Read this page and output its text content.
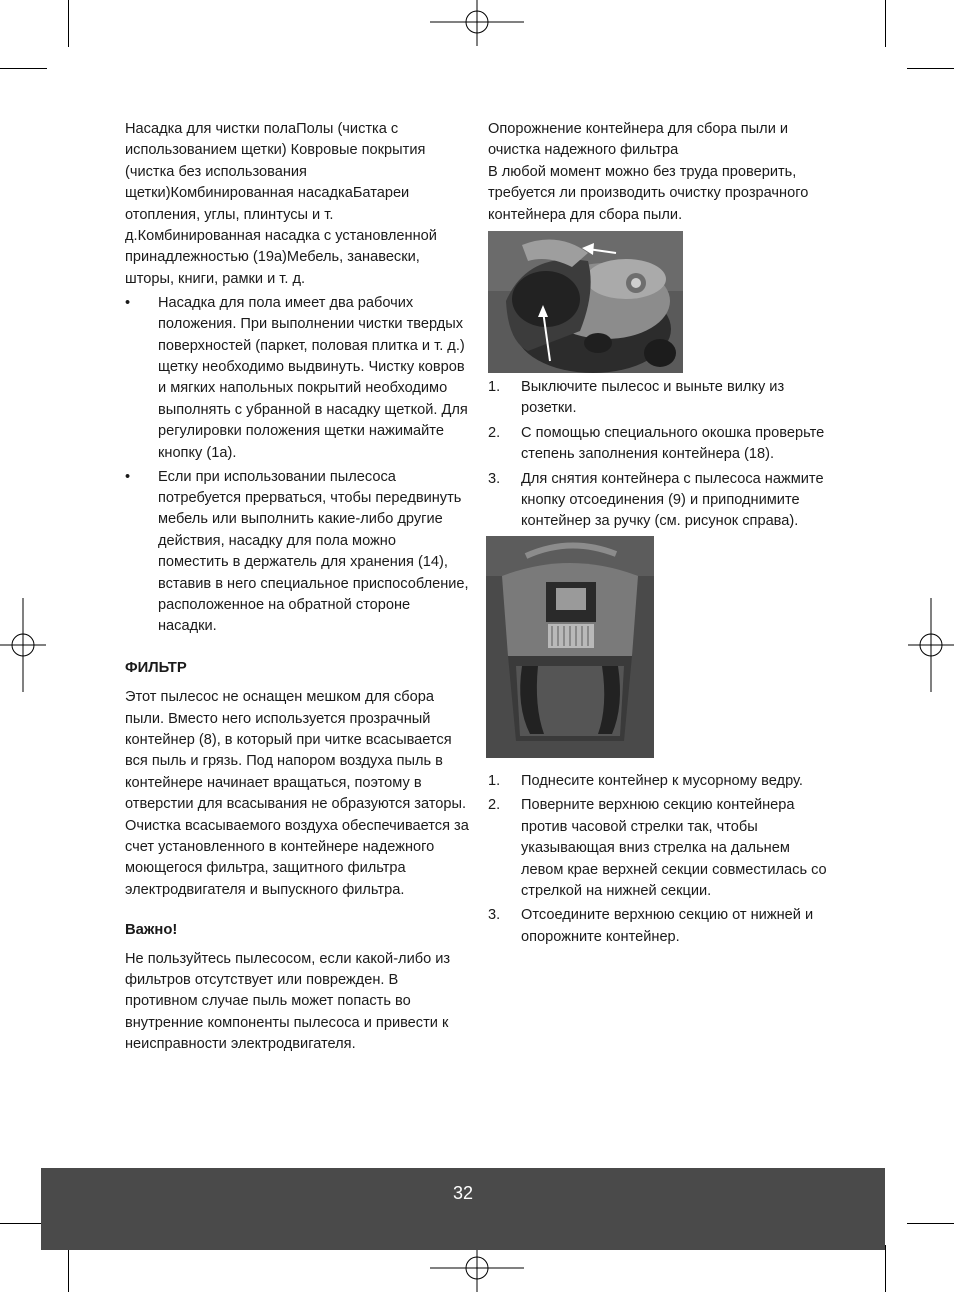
Насадка для чистки полаПолы (чистка с использованием щетки) Ковровые покрытия (чистка без использования щетки)Комбинированная насадкаБатареи отопления, углы, плинтусы и т. д.Комбинированная насадка с установленной принадлежностью (19a)Мебель, занавески, шторы, книги, рамки и т. д.

• Насадка для пола имеет два рабочих положения. При выполнении чистки твердых поверхностей (паркет, половая плитка и т. д.) щетку необходимо выдвинуть. Чистку ковров и мягких напольных покрытий необходимо выполнять с убранной в насадку щеткой. Для регулировки положения щетки нажимайте кнопку (1a).
• Если при использовании пылесоса потребуется прерваться, чтобы передвинуть мебель или выполнить какие-либо другие действия, насадку для пола можно поместить в держатель для хранения (14), вставив в него специальное приспособление, расположенное на обратной стороне насадки.
ФИЛЬТР

Этот пылесос не оснащен мешком для сбора пыли. Вместо него используется прозрачный контейнер (8), в который при читке всасывается вся пыль и грязь. Под напором воздуха пыль в контейнере начинает вращаться, поэтому в отверстии для всасывания не образуются заторы. Очистка всасываемого воздуха обеспечивается за счет установленного в контейнере надежного моющегося фильтра, защитного фильтра электродвигателя и выпускного фильтра.

Важно!

Не пользуйтесь пылесосом, если какой-либо из фильтров отсутствует или поврежден. В противном случае пыль может попасть во внутренние компоненты пылесоса и привести к неисправности электродвигателя.

Опорожнение контейнера для сбора пыли и очистка надежного фильтра

В любой момент можно без труда проверить, требуется ли производить очистку прозрачного контейнера для сбора пыли.

1. Выключите пылесос и выньте вилку из розетки.
2. С помощью специального окошка проверьте степень заполнения контейнера (18).
3. Для снятия контейнера с пылесоса нажмите кнопку отсоединения (9) и приподнимите контейнер за ручку (см. рисунок справа).
1. Поднесите контейнер к мусорному ведру.
2. Поверните верхнюю секцию контейнера против часовой стрелки так, чтобы указывающая вниз стрелка на дальнем левом крае верхней секции совместилась со стрелкой на нижней секции.
3. Отсоедините верхнюю секцию от нижней и опорожните контейнер.
32
